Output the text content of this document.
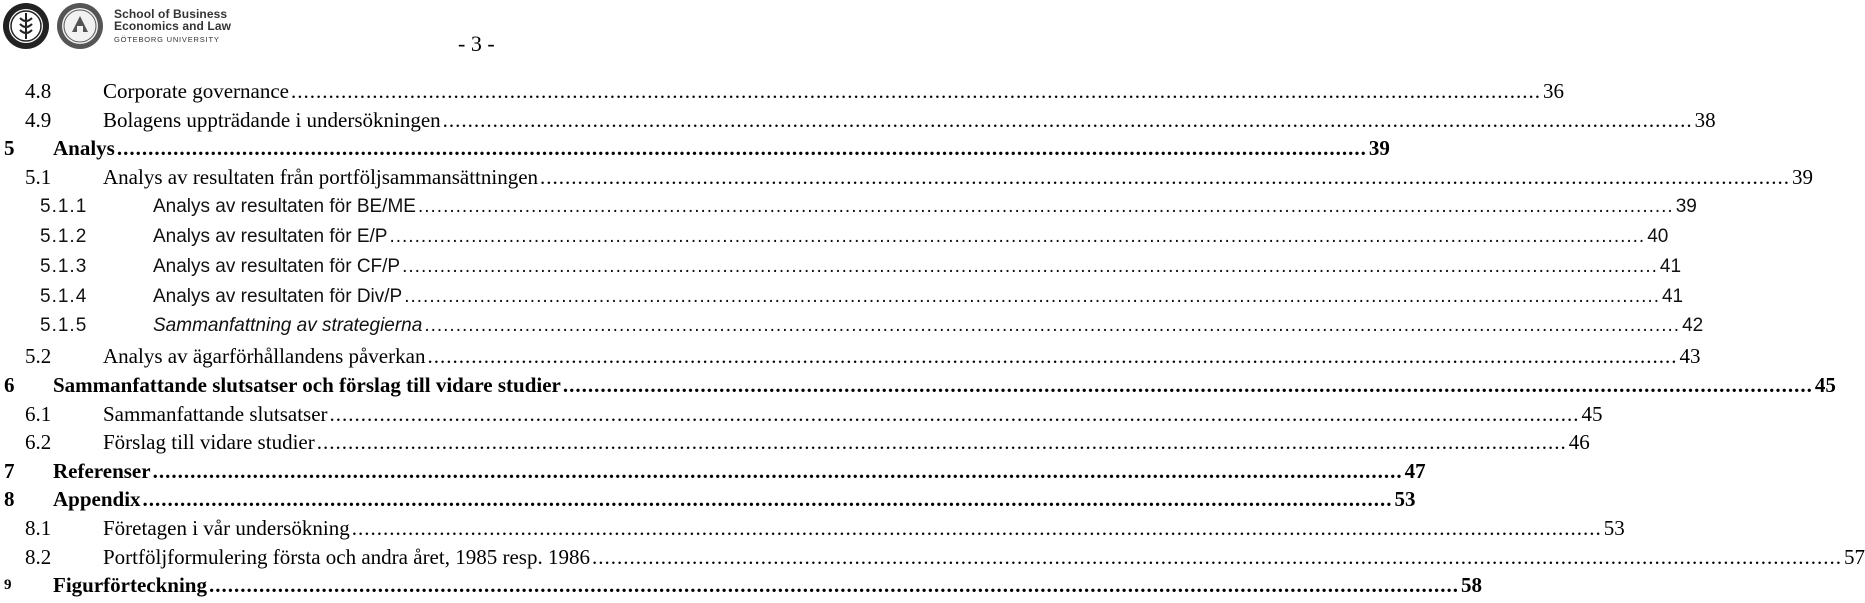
School of Business
Economics and Law
GÖTEBORG UNIVERSITY	- 3 -
4.8 Corporate governance ........................................................................................................................................................................................................ 36
4.9 Bolagens uppträdande i undersökningen ........................................................................................................................................................................................................ 38
5 Analys ........................................................................................................................................................................................................ 39
5.1 Analys av resultaten från portföljsammansättningen ........................................................................................................................................................................................................ 39
5.1.1	Analys av resultaten för BE/ME ........................................................................................................................................................................................................ 39
5.1.2	Analys av resultaten för E/P ........................................................................................................................................................................................................ 40
5.1.3	Analys av resultaten för CF/P ........................................................................................................................................................................................................ 41
5.1.4	Analys av resultaten för Div/P ........................................................................................................................................................................................................ 41
5.1.5	Sammanfattning av strategierna ........................................................................................................................................................................................................ 42
5.2 Analys av ägarförhållandens påverkan ........................................................................................................................................................................................................ 43
6 Sammanfattande slutsatser och förslag till vidare studier ........................................................................................................................................................................................................ 45
6.1 Sammanfattande slutsatser ........................................................................................................................................................................................................ 45
6.2 Förslag till vidare studier ........................................................................................................................................................................................................ 46
7 Referenser ........................................................................................................................................................................................................ 47
8 Appendix ........................................................................................................................................................................................................ 53
8.1 Företagen i vår undersökning ........................................................................................................................................................................................................ 53
8.2 Portföljformulering första och andra året, 1985 resp. 1986 ........................................................................................................................................................................................................ 57
9 Figurförteckning ........................................................................................................................................................................................................ 58
